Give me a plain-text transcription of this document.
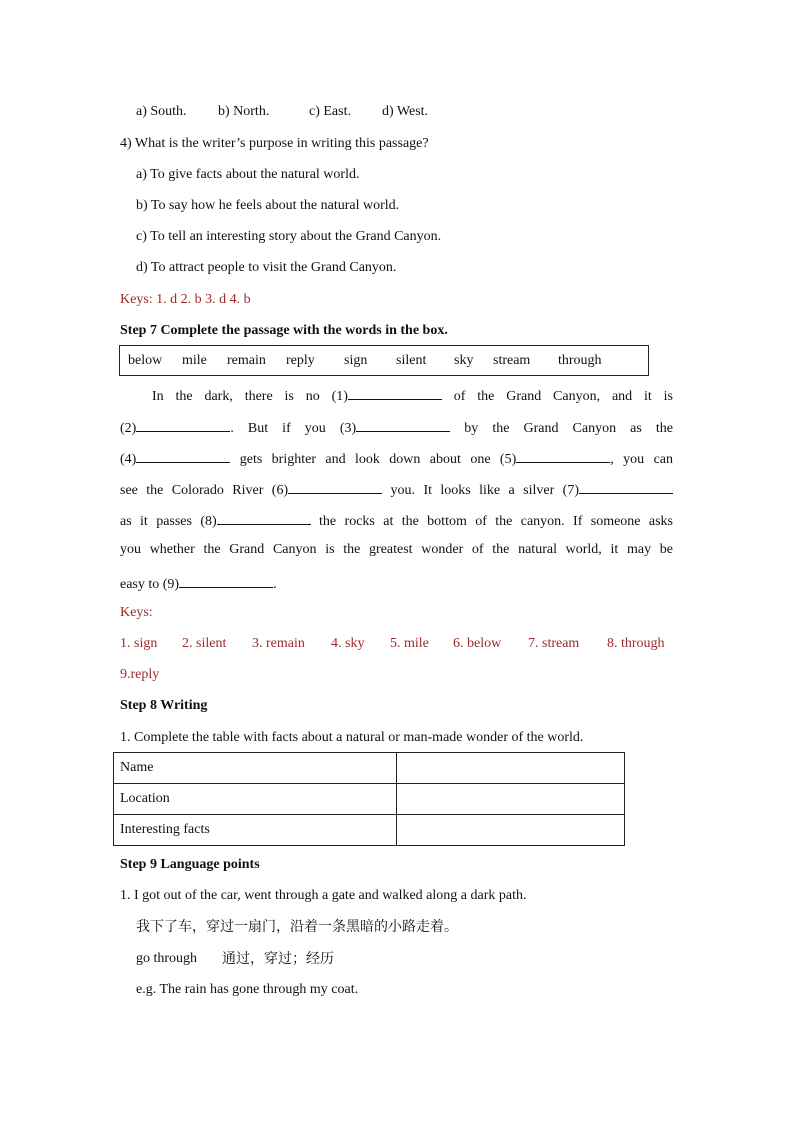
a) South. b) North.	c) East. d) West.
4) What is the writer’s purpose in writing this passage?
a) To give facts about the natural world.
b) To say how he feels about the natural world.
c) To tell an interesting story about the Grand Canyon.
d) To attract people to visit the Grand Canyon.
Keys: 1. d 2. b 3. d 4. b
Step 7 Complete the passage with the words in the box.
below mile remain reply sign silent sky stream through
In the dark, there is no (1)	of the Grand Canyon, and it is
(2)	. But if you (3)	by the Grand Canyon as the
(4)	gets brighter and look down about one (5)	, you can
see the Colorado River (6)	you. It looks like a silver (7)
as it passes (8)	the rocks at the bottom of the canyon. If someone asks
you whether the Grand Canyon is the greatest wonder of the natural world, it may be
easy to (9)	.
Keys:
1. sign 2. silent 3. remain 4. sky 5. mile 6. below 7. stream 8. through
9.reply
Step 8 Writing
1. Complete the table with facts about a natural or man-made wonder of the world.
Name	
Location	
Interesting facts	
Step 9 Language points
1. I got out of the car, went through a gate and walked along a dark path.
我下了车，穿过一扇门，沿着一条黑暗的小路走着。
go through 通过，穿过；经历
e.g. The rain has gone through my coat.
